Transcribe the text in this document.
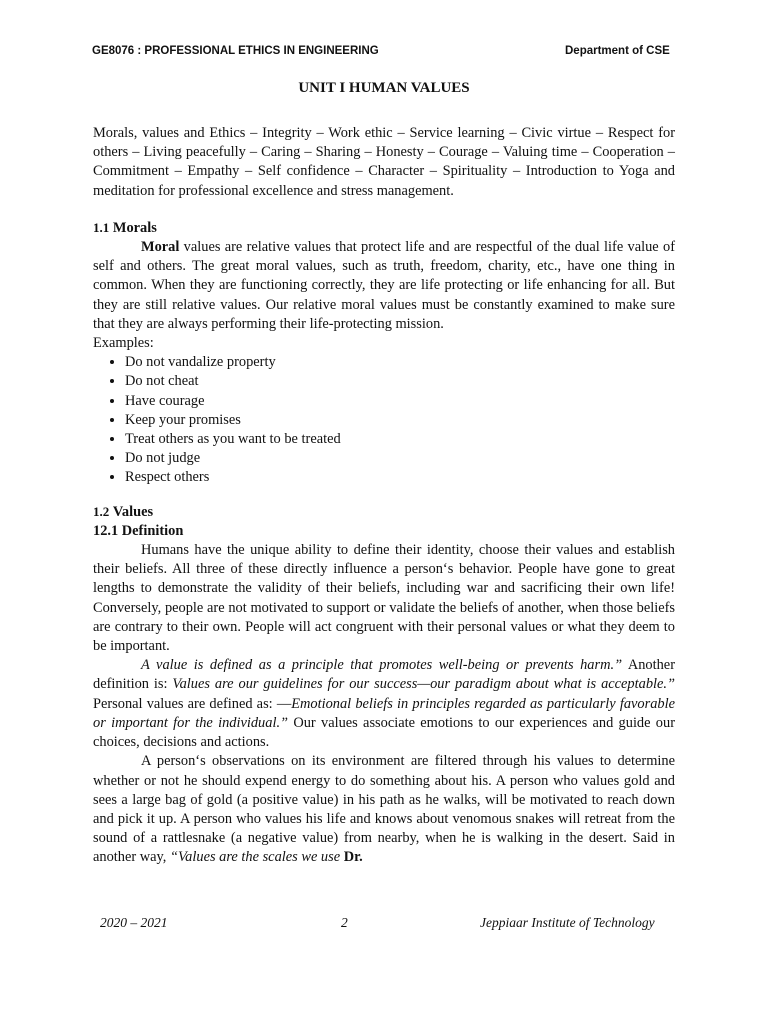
GE8076 : PROFESSIONAL ETHICS IN ENGINEERING	Department of CSE
UNIT I HUMAN VALUES

Morals, values and Ethics – Integrity – Work ethic – Service learning – Civic virtue – Respect for others – Living peacefully – Caring – Sharing – Honesty – Courage – Valuing time – Cooperation – Commitment – Empathy – Self confidence – Character – Spirituality – Introduction to Yoga and meditation for professional excellence and stress management.

1.1 Morals

Moral values are relative values that protect life and are respectful of the dual life value of self and others. The great moral values, such as truth, freedom, charity, etc., have one thing in common. When they are functioning correctly, they are life protecting or life enhancing for all. But they are still relative values. Our relative moral values must be constantly examined to make sure that they are always performing their life-protecting mission.

Examples:

• Do not vandalize property
• Do not cheat
• Have courage
• Keep your promises
• Treat others as you want to be treated
• Do not judge
• Respect others
1.2 Values
12.1 Definition

Humans have the unique ability to define their identity, choose their values and establish their beliefs. All three of these directly influence a person‘s behavior. People have gone to great lengths to demonstrate the validity of their beliefs, including war and sacrificing their own life! Conversely, people are not motivated to support or validate the beliefs of another, when those beliefs are contrary to their own. People will act congruent with their personal values or what they deem to be important.

A value is defined as a principle that promotes well-being or prevents harm.” Another definition is: Values are our guidelines for our success—our paradigm about what is acceptable.” Personal values are defined as: ―Emotional beliefs in principles regarded as particularly favorable or important for the individual.” Our values associate emotions to our experiences and guide our choices, decisions and actions.

A person‘s observations on its environment are filtered through his values to determine whether or not he should expend energy to do something about his. A person who values gold and sees a large bag of gold (a positive value) in his path as he walks, will be motivated to reach down and pick it up. A person who values his life and knows about venomous snakes will retreat from the sound of a rattlesnake (a negative value) from nearby, when he is walking in the desert. Said in another way, “Values are the scales we use Dr.

2020 – 2021	2	Jeppiaar Institute of Technology
